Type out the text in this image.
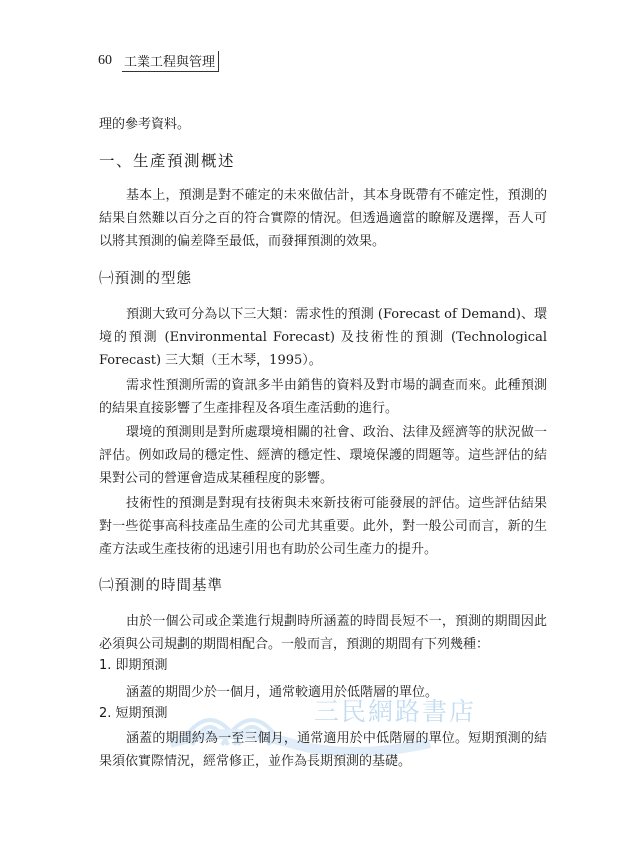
60 工業工程與管理

理的參考資料。

一、生產預測概述

基本上，預測是對不確定的未來做估計，其本身既帶有不確定性，預測的結果自然難以百分之百的符合實際的情況。但透過適當的瞭解及選擇，吾人可以將其預測的偏差降至最低，而發揮預測的效果。

㈠預測的型態

預測大致可分為以下三大類：需求性的預測 (Forecast of Demand)、環境的預測 (Environmental Forecast) 及技術性的預測 (Technological Forecast) 三大類（王木琴，1995）。

需求性預測所需的資訊多半由銷售的資料及對市場的調查而來。此種預測的結果直接影響了生產排程及各項生產活動的進行。

環境的預測則是對所處環境相關的社會、政治、法律及經濟等的狀況做一評估。例如政局的穩定性、經濟的穩定性、環境保護的問題等。這些評估的結果對公司的營運會造成某種程度的影響。

技術性的預測是對現有技術與未來新技術可能發展的評估。這些評估結果對一些從事高科技產品生產的公司尤其重要。此外，對一般公司而言，新的生產方法或生產技術的迅速引用也有助於公司生產力的提升。

㈡預測的時間基準

由於一個公司或企業進行規劃時所涵蓋的時間長短不一，預測的期間因此必須與公司規劃的期間相配合。一般而言，預測的期間有下列幾種：

1. 即期預測

涵蓋的期間少於一個月，通常較適用於低階層的單位。

2. 短期預測	三民網路書店

涵蓋的期間約為一至三個月，通常適用於中低階層的單位。短期預測的結果須依實際情況，經常修正，並作為長期預測的基礎。
